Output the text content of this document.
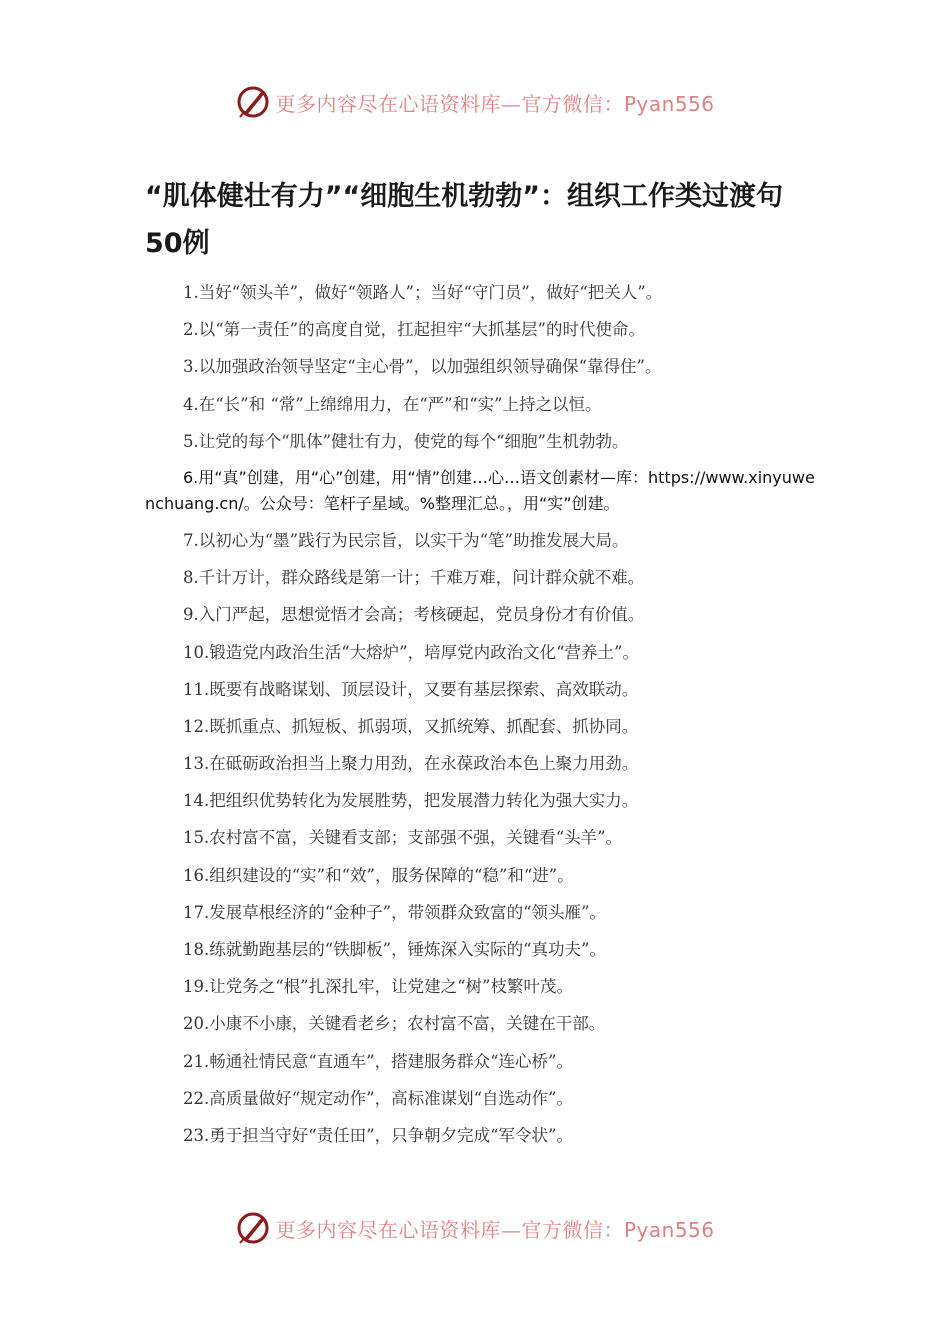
更多内容尽在心语资料库—官方微信：Pyan556
“肌体健壮有力”“细胞生机勃勃”：组织工作类过渡句50例
1.当好“领头羊”，做好“领路人”；当好“守门员”，做好“把关人”。
2.以“第一责任”的高度自觉，扛起担牢“大抓基层”的时代使命。
3.以加强政治领导坚定“主心骨”，以加强组织领导确保“靠得住”。
4.在“长”和 “常”上绵绵用力，在“严”和“实”上持之以恒。
5.让党的每个“肌体”健壮有力，使党的每个“细胞”生机勃勃。
6.用“真”创建，用“心”创建，用“情”创建…心…语文创素材—库：https://www.xinyuwenchuang.cn/。公众号：笔杆子星域。%整理汇总。，用“实”创建。
7.以初心为“墨”践行为民宗旨，以实干为“笔”助推发展大局。
8.千计万计，群众路线是第一计；千难万难，问计群众就不难。
9.入门严起，思想觉悟才会高；考核硬起，党员身份才有价值。
10.锻造党内政治生活“大熔炉”，培厚党内政治文化“营养土”。
11.既要有战略谋划、顶层设计，又要有基层探索、高效联动。
12.既抓重点、抓短板、抓弱项，又抓统筹、抓配套、抓协同。
13.在砥砺政治担当上聚力用劲，在永葆政治本色上聚力用劲。
14.把组织优势转化为发展胜势，把发展潜力转化为强大实力。
15.农村富不富，关键看支部；支部强不强，关键看“头羊”。
16.组织建设的“实”和“效”，服务保障的“稳”和“进”。
17.发展草根经济的“金种子”，带领群众致富的“领头雁”。
18.练就勤跑基层的“铁脚板”，锤炼深入实际的“真功夫”。
19.让党务之“根”扎深扎牢，让党建之“树”枝繁叶茂。
20.小康不小康，关键看老乡；农村富不富，关键在干部。
21.畅通社情民意“直通车”，搭建服务群众“连心桥”。
22.高质量做好“规定动作”，高标准谋划“自选动作”。
23.勇于担当守好“责任田”，只争朝夕完成“军令状”。
更多内容尽在心语资料库—官方微信：Pyan556
